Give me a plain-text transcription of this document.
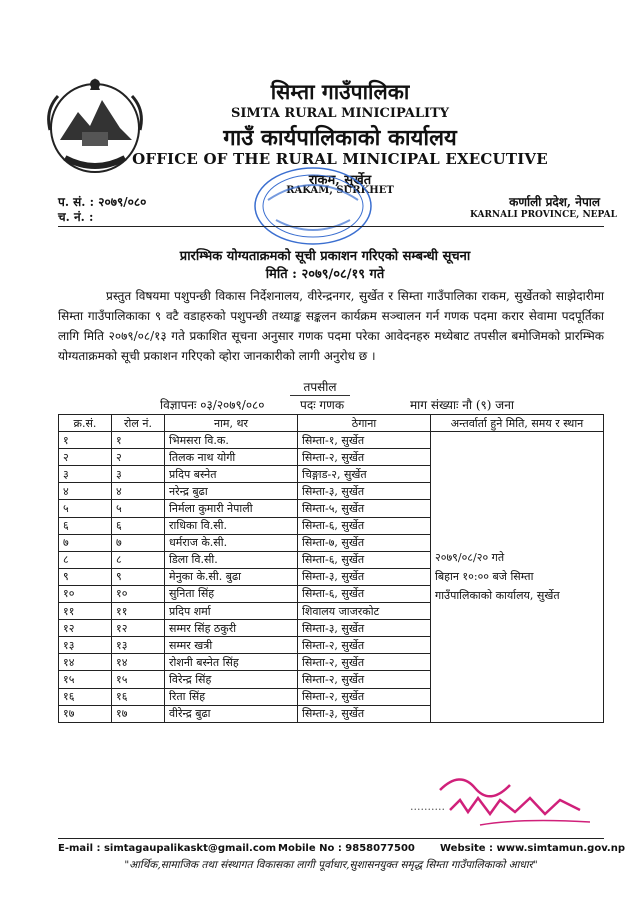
सिम्ता गाउँपालिका
SIMTA RURAL MINICIPALITY
गाउँ कार्यपालिकाको कार्यालय
OFFICE OF THE RURAL MINICIPAL EXECUTIVE
राकम, सुर्खेत
RAKAM, SURKHET
प. सं. : २०७९/०८०
च. नं. :
कर्णाली प्रदेश, नेपाल
KARNALI PROVINCE, NEPAL
प्रारम्भिक योग्यताक्रमको सूची प्रकाशन गरिएको सम्बन्धी सूचना
मिति : २०७९/०८/१९ गते
प्रस्तुत विषयमा पशुपन्छी विकास निर्देशनालय, वीरेन्द्रनगर, सुर्खेत र सिम्ता गाउँपालिका राकम, सुर्खेतको साझेदारीमा सिम्ता गाउँपालिकाका ९ वटै वडाहरुको पशुपन्छी तथ्याङ्क सङ्कलन कार्यक्रम सञ्चालन गर्न गणक पदमा करार सेवामा पदपूर्तिका लागि मिति २०७९/०८/१३ गते प्रकाशित सूचना अनुसार गणक पदमा परेका आवेदनहरु मध्येबाट तपसील बमोजिमको प्रारम्भिक योग्यताक्रमको सूची प्रकाशन गरिएको व्होरा जानकारीको लागी अनुरोध छ ।
तपसील
विज्ञापनः ०३/२०७९/०८०	पदः गणक	माग संख्याः नौ (९) जना
क्र.सं.	रोल नं.	नाम, थर	ठेगाना	अन्तर्वार्ता हुने मिति, समय र स्थान
१	१	भिमसरा वि.क.	सिम्ता-१, सुर्खेत	२०७९/०८/२० गते
बिहान १०:०० बजे सिम्ता
गाउँपालिकाको कार्यालय, सुर्खेत

२	२	तिलक नाथ योगी	सिम्ता-२, सुर्खेत	
३	३	प्रदिप बस्नेत	चिङ्गाड-२, सुर्खेत	
४	४	नरेन्द्र बुढा	सिम्ता-३, सुर्खेत	
५	५	निर्मला कुमारी नेपाली	सिम्ता-५, सुर्खेत	
६	६	राधिका वि.सी.	सिम्ता-६, सुर्खेत	
७	७	धर्मराज के.सी.	सिम्ता-७, सुर्खेत	
८	८	डिला वि.सी.	सिम्ता-६, सुर्खेत	
९	९	मेनुका के.सी. बुढा	सिम्ता-३, सुर्खेत	
१०	१०	सुनिता सिंह	सिम्ता-६, सुर्खेत	
११	११	प्रदिप शर्मा	शिवालय जाजरकोट	
१२	१२	सम्मर सिंह ठकुरी	सिम्ता-३, सुर्खेत	
१३	१३	सम्मर खत्री	सिम्ता-२, सुर्खेत	
१४	१४	रोशनी बस्नेत सिंह	सिम्ता-२, सुर्खेत	
१५	१५	विरेन्द्र सिंह	सिम्ता-२, सुर्खेत	
१६	१६	रिता सिंह	सिम्ता-२, सुर्खेत	
१७	१७	वीरेन्द्र बुढा	सिम्ता-३, सुर्खेत	
..........
E-mail : simtagaupalikaskt@gmail.com Mobile No : 9858077500	Website : www.simtamun.gov.np
"आर्थिक,सामाजिक तथा संस्थागत विकासका लागी पूर्वाधार,सुशासनयुक्त समृद्ध सिम्ता गाउँपालिकाको आधार"
